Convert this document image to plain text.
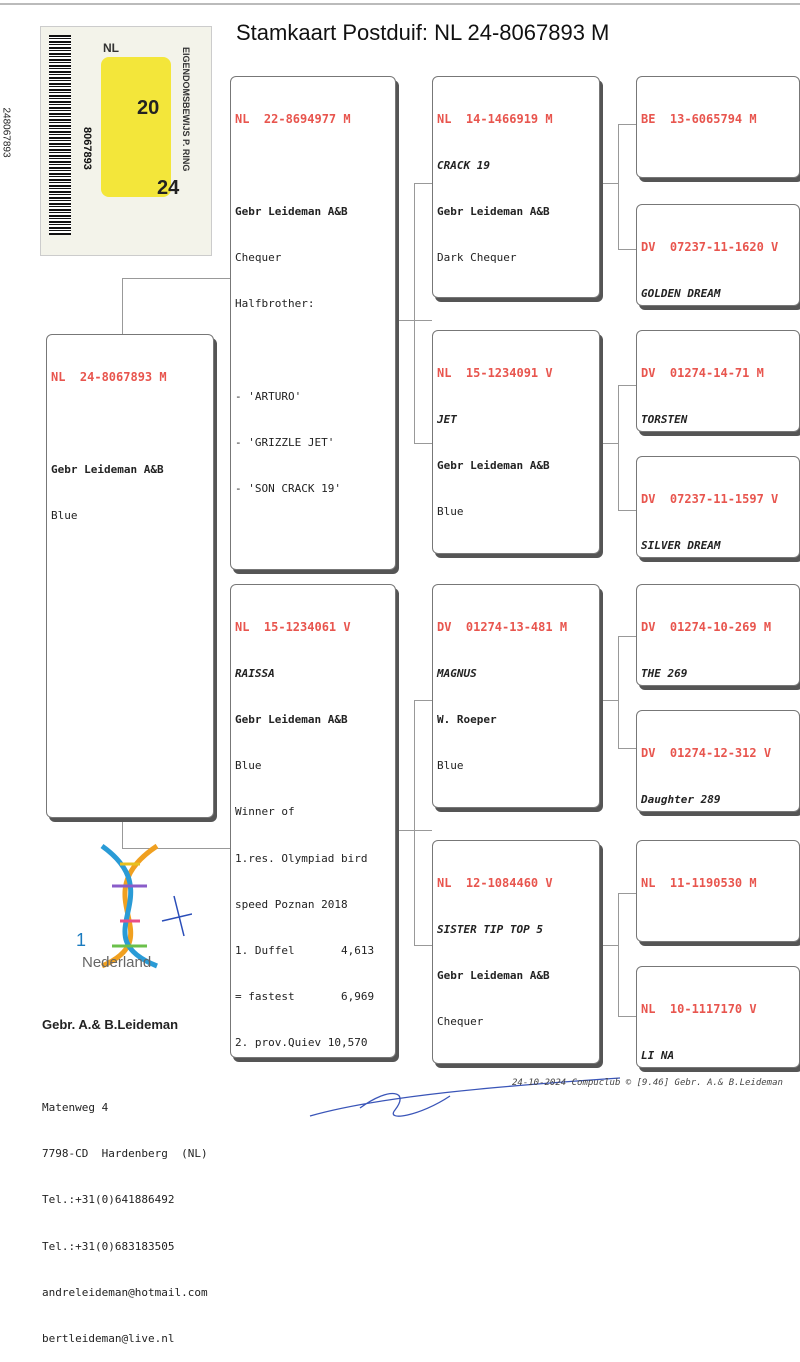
Stamkaart Postduif: NL 24-8067893 M
248067893	20
24
NL
8067893	EIGENDOMSBEWIJS P. RING

NL  24-8067893 M

Gebr Leideman A&B

Blue

NL  22-8694977 M

Gebr Leideman A&B

Chequer

Halfbrother:

- 'ARTURO'

- 'GRIZZLE JET'

- 'SON CRACK 19'

NL  15-1234061 V

RAISSA

Gebr Leideman A&B

Blue

Winner of

1.res. Olympiad bird

speed Poznan 2018

1. Duffel       4,613

= fastest       6,969

2. prov.Quiev 10,570

NL  14-1466919 M

CRACK 19

Gebr Leideman A&B

Dark Chequer

NL  15-1234091 V

JET

Gebr Leideman A&B

Blue

DV  01274-13-481 M

MAGNUS

W. Roeper

Blue

NL  12-1084460 V

SISTER TIP TOP 5

Gebr Leideman A&B

Chequer

BE  13-6065794 M

DV  07237-11-1620 V

GOLDEN DREAM

DV  01274-14-71 M

TORSTEN

DV  07237-11-1597 V

SILVER DREAM

DV  01274-10-269 M

THE 269

DV  01274-12-312 V

Daughter 289

NL  11-1190530 M

NL  10-1117170 V

LI NA

1
Nederland

Gebr. A.& B.Leideman

Matenweg 4

7798-CD  Hardenberg  (NL)

Tel.:+31(0)641886492

Tel.:+31(0)683183505

andreleideman@hotmail.com

bertleideman@live.nl

24-10-2024 Compuclub © [9.46] Gebr. A.& B.Leideman
